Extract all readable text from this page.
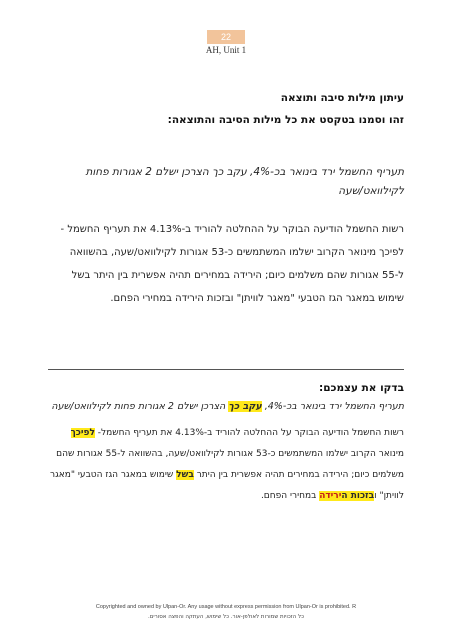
22
AH, Unit 1
עיתון מילות סיבה ותוצאה
זהו וסמנו בטקסט את כל מילות הסיבה והתוצאה:
תעריף החשמל ירד בינואר בכ-4%, עקב כך הצרכן ישלם 2 אגורות פחות לקילוואט/שעה
רשות החשמל הודיעה הבוקר על ההחלטה להוריד ב-4.13% את תעריף החשמל - לפיכך מינואר הקרוב ישלמו המשתמשים כ-53 אגורות לקילוואט/שעה, בהשוואה ל-55 אגורות שהם משלמים כיום; הירידה במחירים תהיה אפשרית בין היתר בשל שימוש במאגר הגז הטבעי "מאגר לוויתן" ובזכות הירידה במחירי הפחם.
בדקו את עצמכם:
תעריף החשמל ירד בינואר בכ-4%, עקב כך הצרכן ישלם 2 אגורות פחות לקילוואט/שעה
רשות החשמל הודיעה הבוקר על ההחלטה להוריד ב-4.13% את תעריף החשמל- לפיכך מינואר הקרוב ישלמו המשתמשים כ-53 אגורות לקילוואט/שעה, בהשוואה ל-55 אגורות שהם משלמים כיום; הירידה במחירים תהיה אפשרית בין היתר בשל שימוש במאגר הגז הטבעי "מאגר לוויתן" ובזכות הירידה במחירי הפחם.
Copyrighted and owned by Ulpan-Or. Any usage without express permission from Ulpan-Or is prohibited. R
כל הזכויות שמורות לאולפן-אור. כל שימוש, העתקה והפצה אסורים.
